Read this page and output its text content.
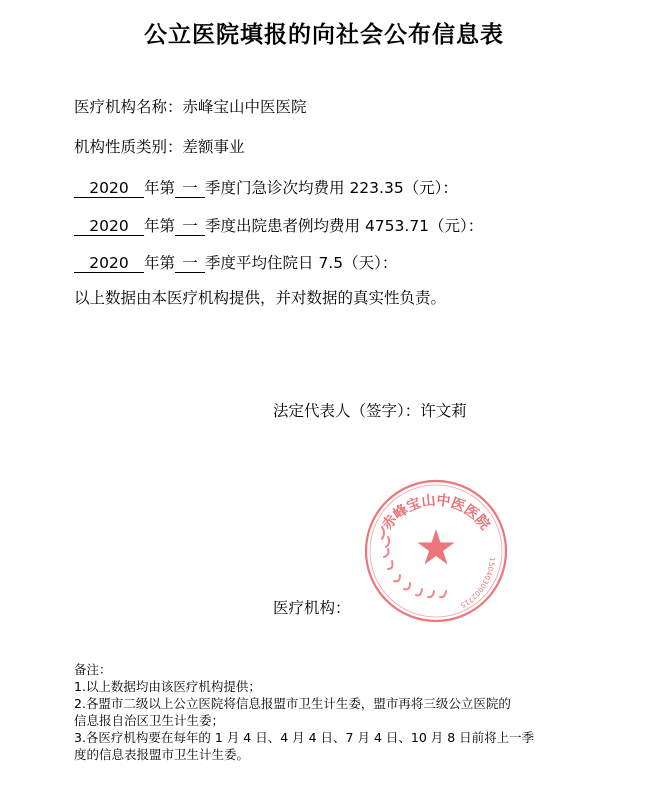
公立医院填报的向社会公布信息表
医疗机构名称：赤峰宝山中医医院
机构性质类别：差额事业
2020 年第 一 季度门急诊次均费用 223.35（元）：
2020 年第 一 季度出院患者例均费用 4753.71（元）：
2020 年第 一 季度平均住院日 7.5（天）：
以上数据由本医疗机构提供，并对数据的真实性负责。
法定代表人（签字）：许文莉
赤峰宝山中医医院
1504030002715
医疗机构：
备注：
1.以上数据均由该医疗机构提供；
2.各盟市二级以上公立医院将信息报盟市卫生计生委，盟市再将三级公立医院的
信息报自治区卫生计生委；
3.各医疗机构要在每年的 1 月 4 日、4 月 4 日、7 月 4 日、10 月 8 日前将上一季
度的信息表报盟市卫生计生委。
